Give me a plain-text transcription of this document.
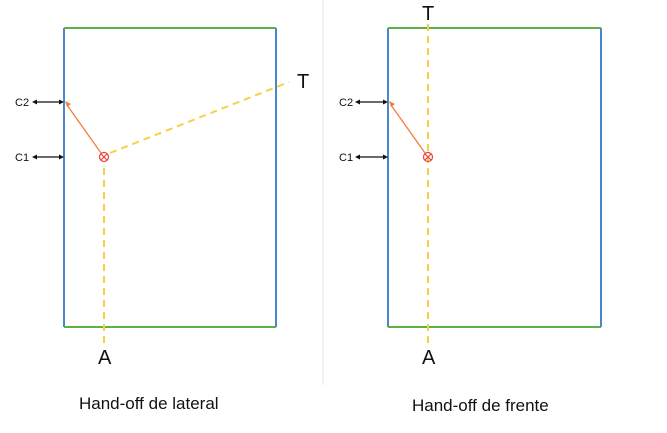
T
A
C2
C1
T
A
C2
C1
Hand-off de lateral	Hand-off de frente
